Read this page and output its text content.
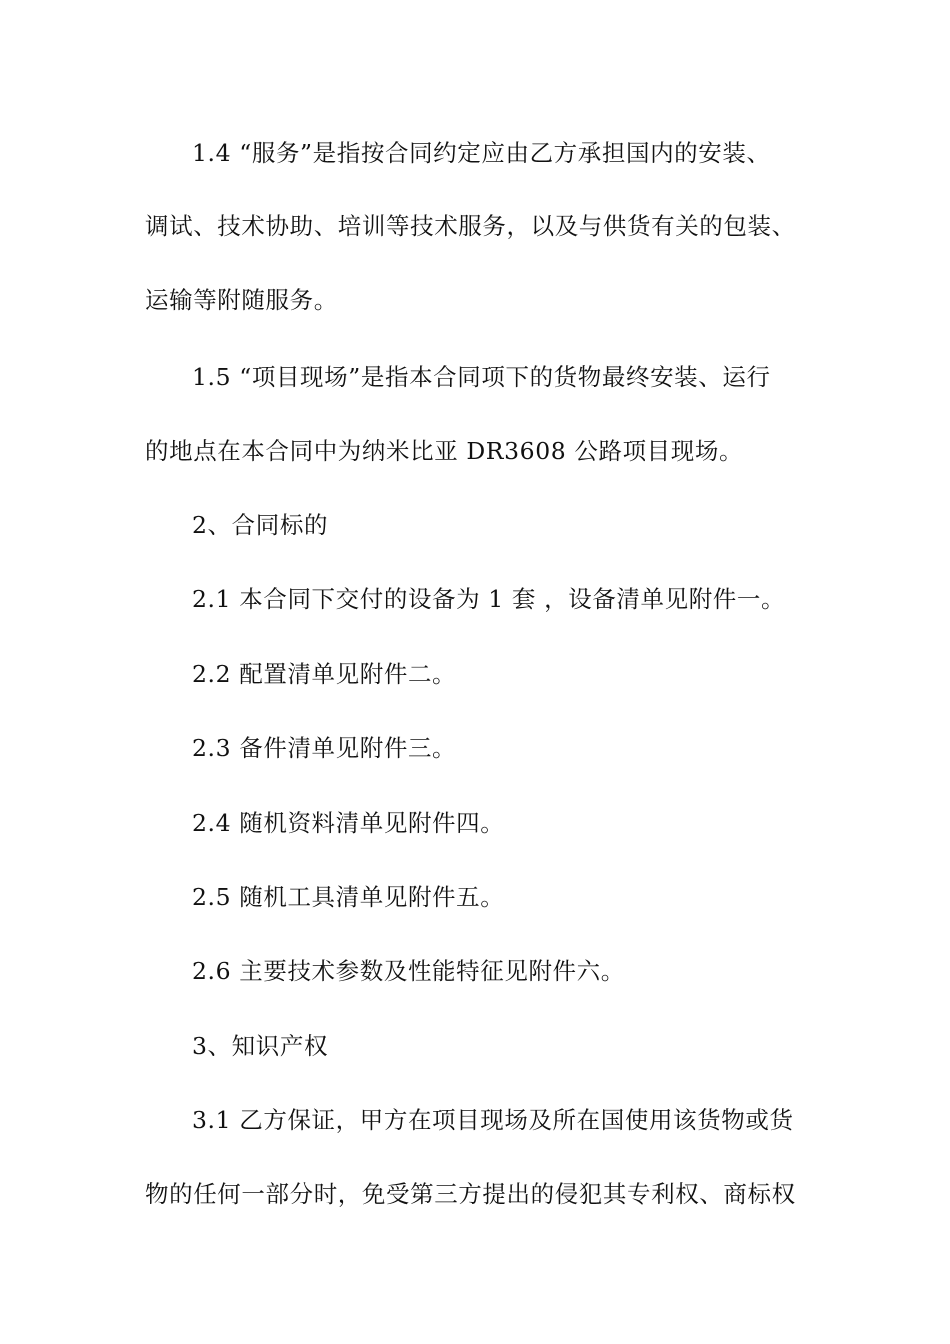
1.4 “服务”是指按合同约定应由乙方承担国内的安装、
调试、技术协助、培训等技术服务，以及与供货有关的包装、
运输等附随服务。
1.5 “项目现场”是指本合同项下的货物最终安装、运行
的地点在本合同中为纳米比亚 DR3608 公路项目现场。
2、合同标的
2.1 本合同下交付的设备为 1 套 ，设备清单见附件一。
2.2 配置清单见附件二。
2.3 备件清单见附件三。
2.4 随机资料清单见附件四。
2.5 随机工具清单见附件五。
2.6 主要技术参数及性能特征见附件六。
3、知识产权
3.1 乙方保证，甲方在项目现场及所在国使用该货物或货
物的任何一部分时，免受第三方提出的侵犯其专利权、商标权
